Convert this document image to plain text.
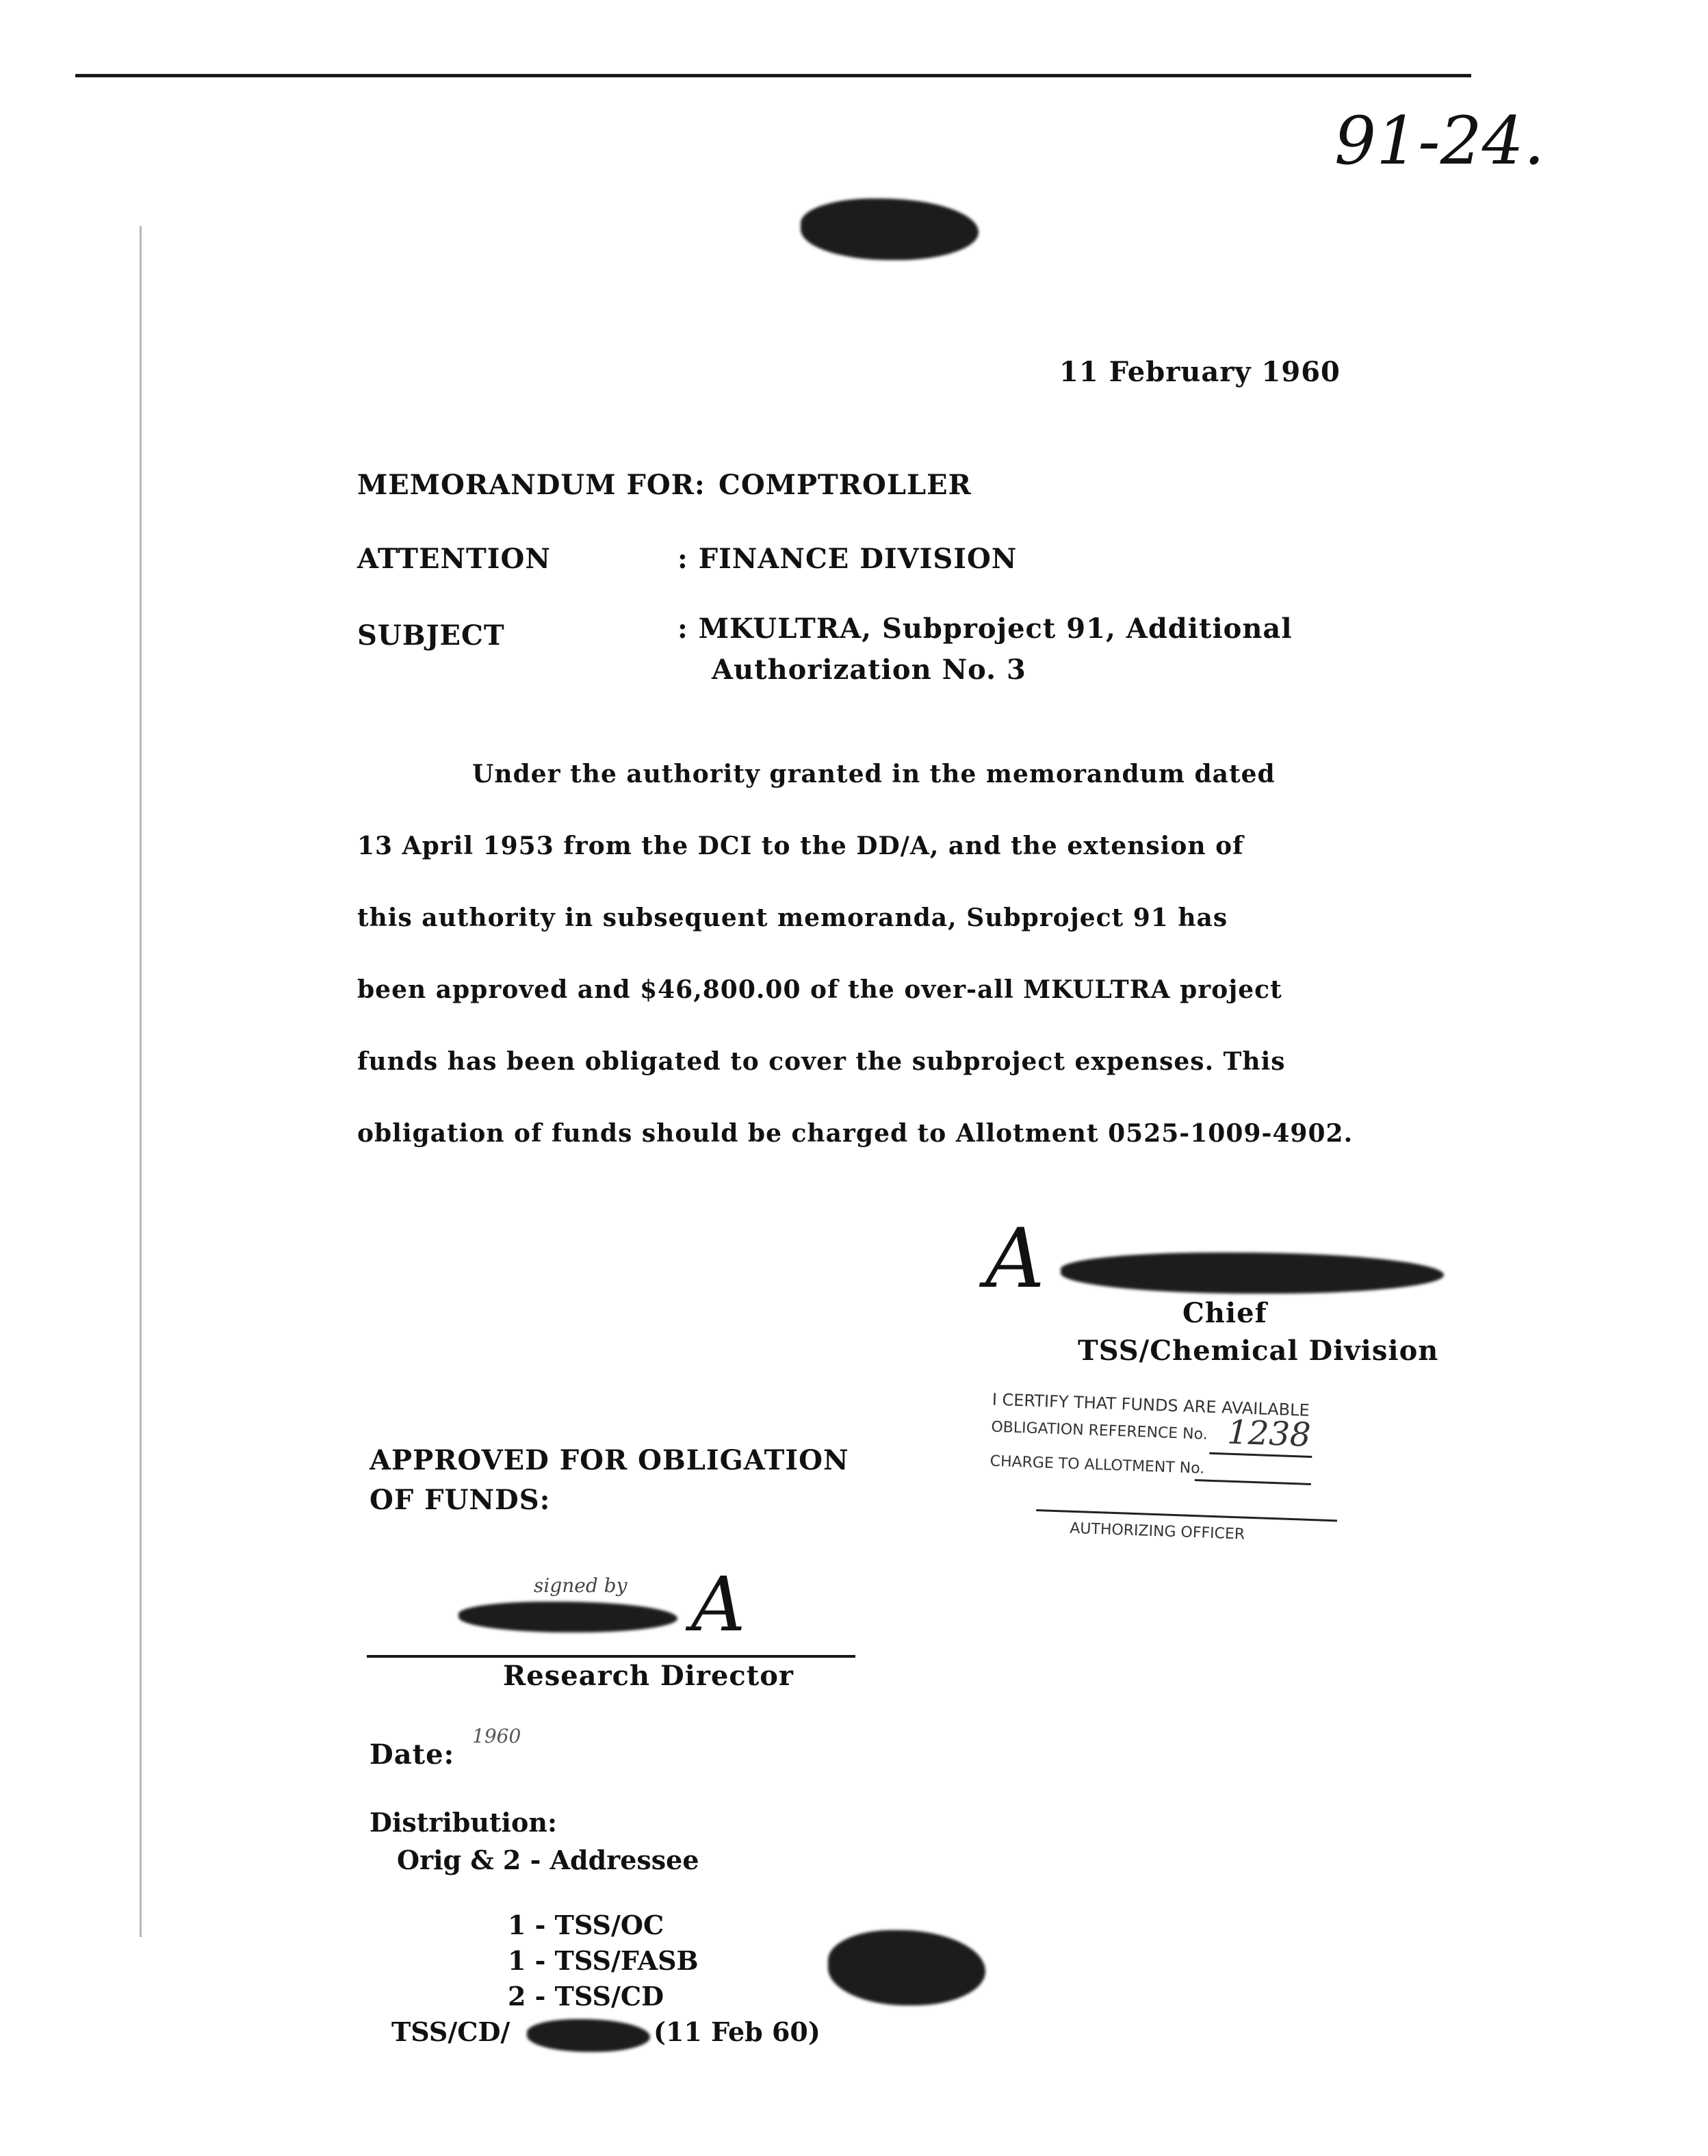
91-24.
11 February 1960
MEMORANDUM FOR: COMPTROLLER
ATTENTION	: FINANCE DIVISION
SUBJECT	: MKULTRA, Subproject 91, Additional
Authorization No. 3
Under the authority granted in the memorandum dated
13 April 1953 from the DCI to the DD/A, and the extension of
this authority in subsequent memoranda, Subproject 91 has
been approved and $46,800.00 of the over-all MKULTRA project
funds has been obligated to cover the subproject expenses. This
obligation of funds should be charged to Allotment 0525-1009-4902.
A
Chief
TSS/Chemical Division
I CERTIFY THAT FUNDS ARE AVAILABLE
OBLIGATION REFERENCE No. 1238
CHARGE TO ALLOTMENT No.
AUTHORIZING OFFICER
APPROVED FOR OBLIGATION
OF FUNDS:
signed by A
Research Director
Date:
1960
Distribution:
Orig & 2 - Addressee
1 - TSS/OC
1 - TSS/FASB
2 - TSS/CD
TSS/CD/	(11 Feb 60)
